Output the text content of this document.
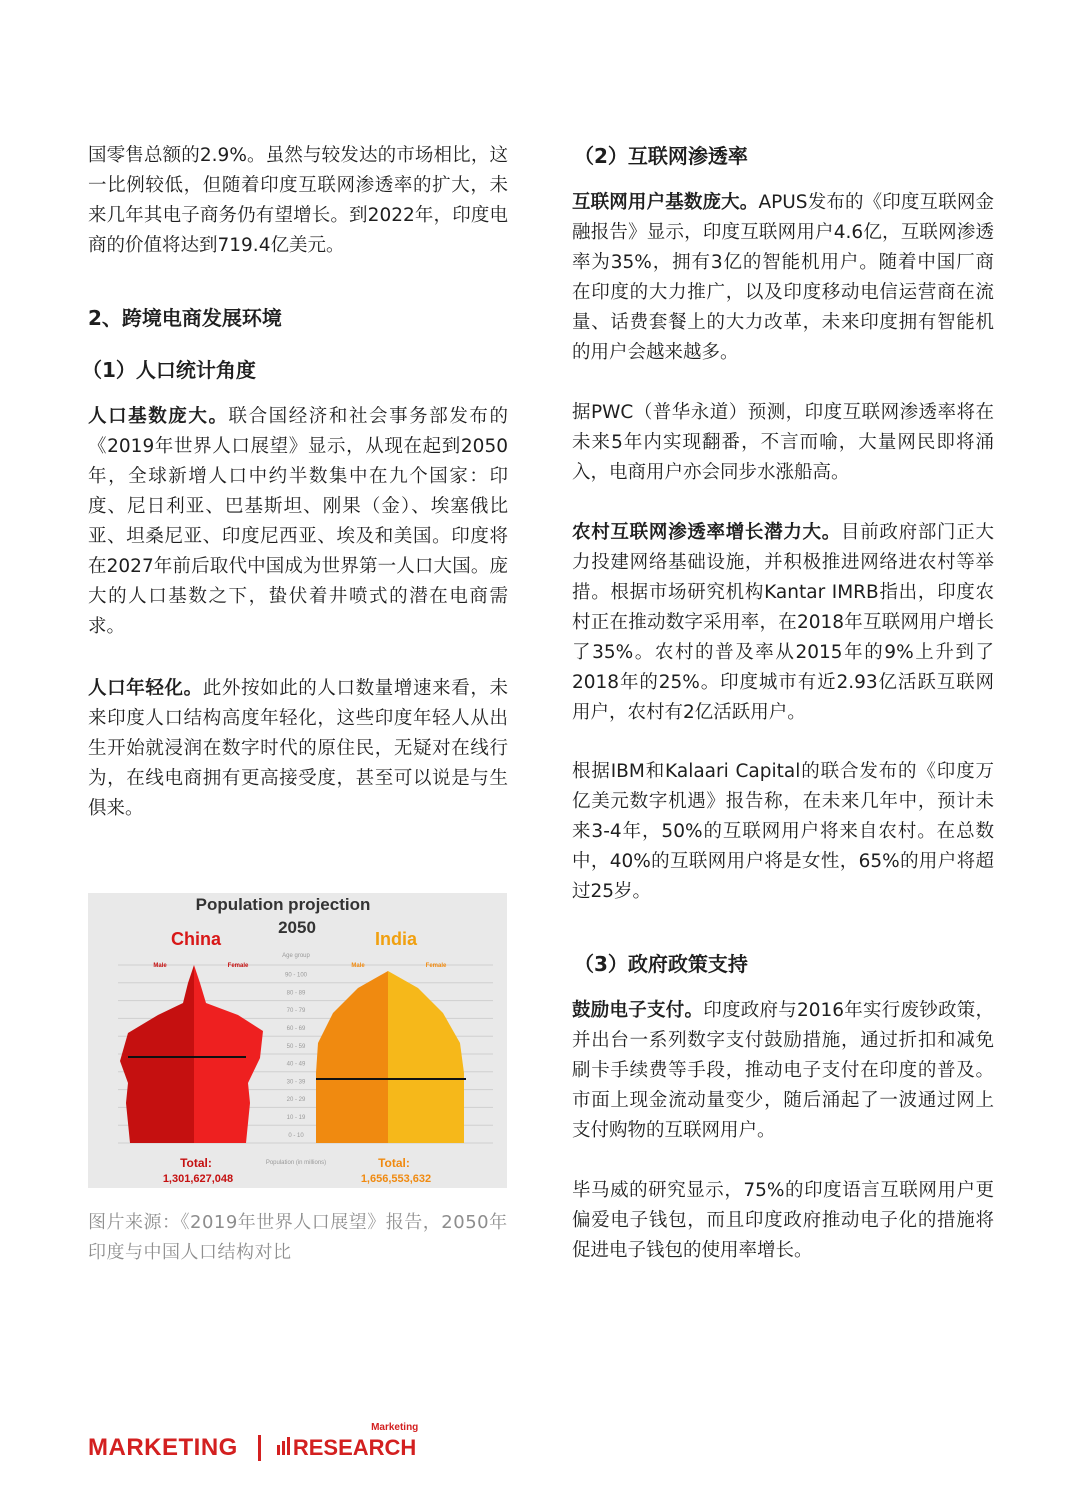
国零售总额的2.9%。虽然与较发达的市场相比，这一比例较低，但随着印度互联网渗透率的扩大，未来几年其电子商务仍有望增长。到2022年，印度电商的价值将达到719.4亿美元。

2、跨境电商发展环境
（1）人口统计角度

人口基数庞大。联合国经济和社会事务部发布的《2019年世界人口展望》显示，从现在起到2050年，全球新增人口中约半数集中在九个国家：印度、尼日利亚、巴基斯坦、刚果（金）、埃塞俄比亚、坦桑尼亚、印度尼西亚、埃及和美国。印度将在2027年前后取代中国成为世界第一人口大国。庞大的人口基数之下，蛰伏着井喷式的潜在电商需求。

人口年轻化。此外按如此的人口数量增速来看，未来印度人口结构高度年轻化，这些印度年轻人从出生开始就浸润在数字时代的原住民，无疑对在线行为，在线电商拥有更高接受度，甚至可以说是与生俱来。

90 - 100
80 - 89
70 - 79
60 - 69
50 - 59
40 - 49
30 - 39
20 - 29
10 - 19
0 - 10
Population projection
2050
China	India
Age group
Male	Female	Male	Female
Population (in millions)
Total:
1,301,627,048
Total:
1,656,553,632
图片来源：《2019年世界人口展望》报告，2050年印度与中国人口结构对比
（2）互联网渗透率

互联网用户基数庞大。APUS发布的《印度互联网金融报告》显示，印度互联网用户4.6亿，互联网渗透率为35%，拥有3亿的智能机用户。随着中国厂商在印度的大力推广，以及印度移动电信运营商在流量、话费套餐上的大力改革，未来印度拥有智能机的用户会越来越多。

据PWC（普华永道）预测，印度互联网渗透率将在未来5年内实现翻番，不言而喻，大量网民即将涌入，电商用户亦会同步水涨船高。

农村互联网渗透率增长潜力大。目前政府部门正大力投建网络基础设施，并积极推进网络进农村等举措。根据市场研究机构Kantar IMRB指出，印度农村正在推动数字采用率，在2018年互联网用户增长了35%。农村的普及率从2015年的9%上升到了2018年的25%。印度城市有近2.93亿活跃互联网用户，农村有2亿活跃用户。

根据IBM和Kalaari Capital的联合发布的《印度万亿美元数字机遇》报告称，在未来几年中，预计未来3-4年，50%的互联网用户将来自农村。在总数中，40%的互联网用户将是女性，65%的用户将超过25岁。

（3）政府政策支持

鼓励电子支付。印度政府与2016年实行废钞政策，并出台一系列数字支付鼓励措施，通过折扣和减免刷卡手续费等手段，推动电子支付在印度的普及。市面上现金流动量变少，随后涌起了一波通过网上支付购物的互联网用户。

毕马威的研究显示，75%的印度语言互联网用户更偏爱电子钱包，而且印度政府推动电子化的措施将促进电子钱包的使用率增长。

MARKETING	RESEARCH
Marketing
